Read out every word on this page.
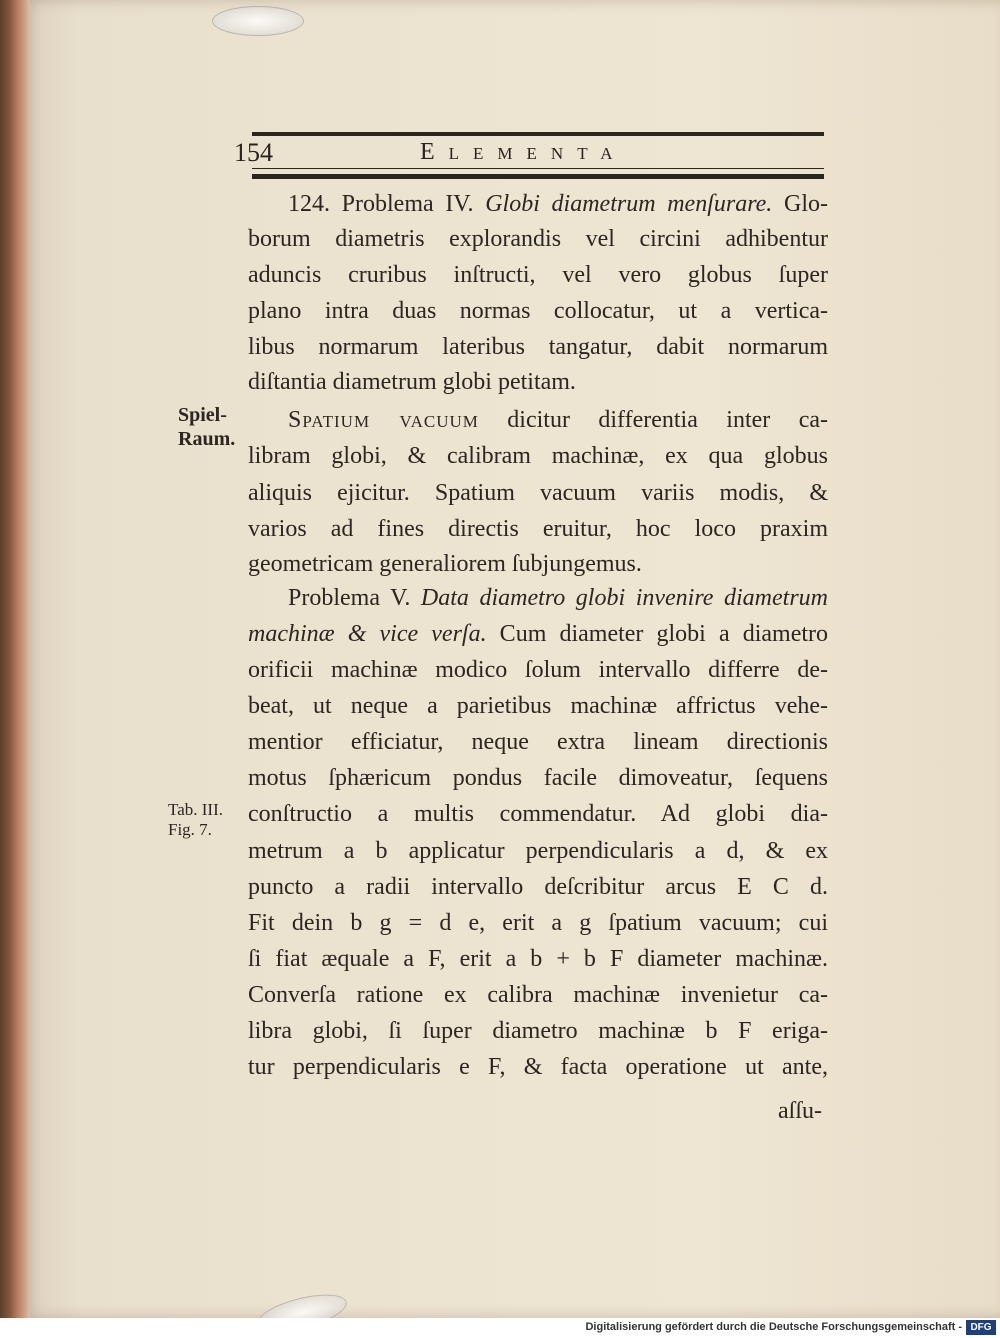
154	Elementa
Spiel-
Raum.
Tab. III.
Fig. 7.
124. Problema IV. Globi diametrum menſurare. Glo-
borum diametris explorandis vel circini adhibentur
aduncis cruribus inſtructi, vel vero globus ſuper
plano intra duas normas collocatur, ut a vertica-
libus normarum lateribus tangatur, dabit normarum
diſtantia diametrum globi petitam.
Spatium vacuum dicitur differentia inter ca-
libram globi, & calibram machinæ, ex qua globus
aliquis ejicitur. Spatium vacuum variis modis, &
varios ad fines directis eruitur, hoc loco praxim
geometricam generaliorem ſubjungemus.
Problema V. Data diametro globi invenire diametrum
machinæ & vice verſa. Cum diameter globi a diametro
orificii machinæ modico ſolum intervallo differre de-
beat, ut neque a parietibus machinæ affrictus vehe-
mentior efficiatur, neque extra lineam directionis
motus ſphæricum pondus facile dimoveatur, ſequens
conſtructio a multis commendatur. Ad globi dia-
metrum a b applicatur perpendicularis a d, & ex
puncto a radii intervallo deſcribitur arcus E C d.
Fit dein b g = d e, erit a g ſpatium vacuum; cui
ſi fiat æquale a F, erit a b + b F diameter machinæ.
Converſa ratione ex calibra machinæ invenietur ca-
libra globi, ſi ſuper diametro machinæ b F eriga-
tur perpendicularis e F, & facta operatione ut ante,
aſſu-
Digitalisierung gefördert durch die Deutsche Forschungsgemeinschaft - DFG
